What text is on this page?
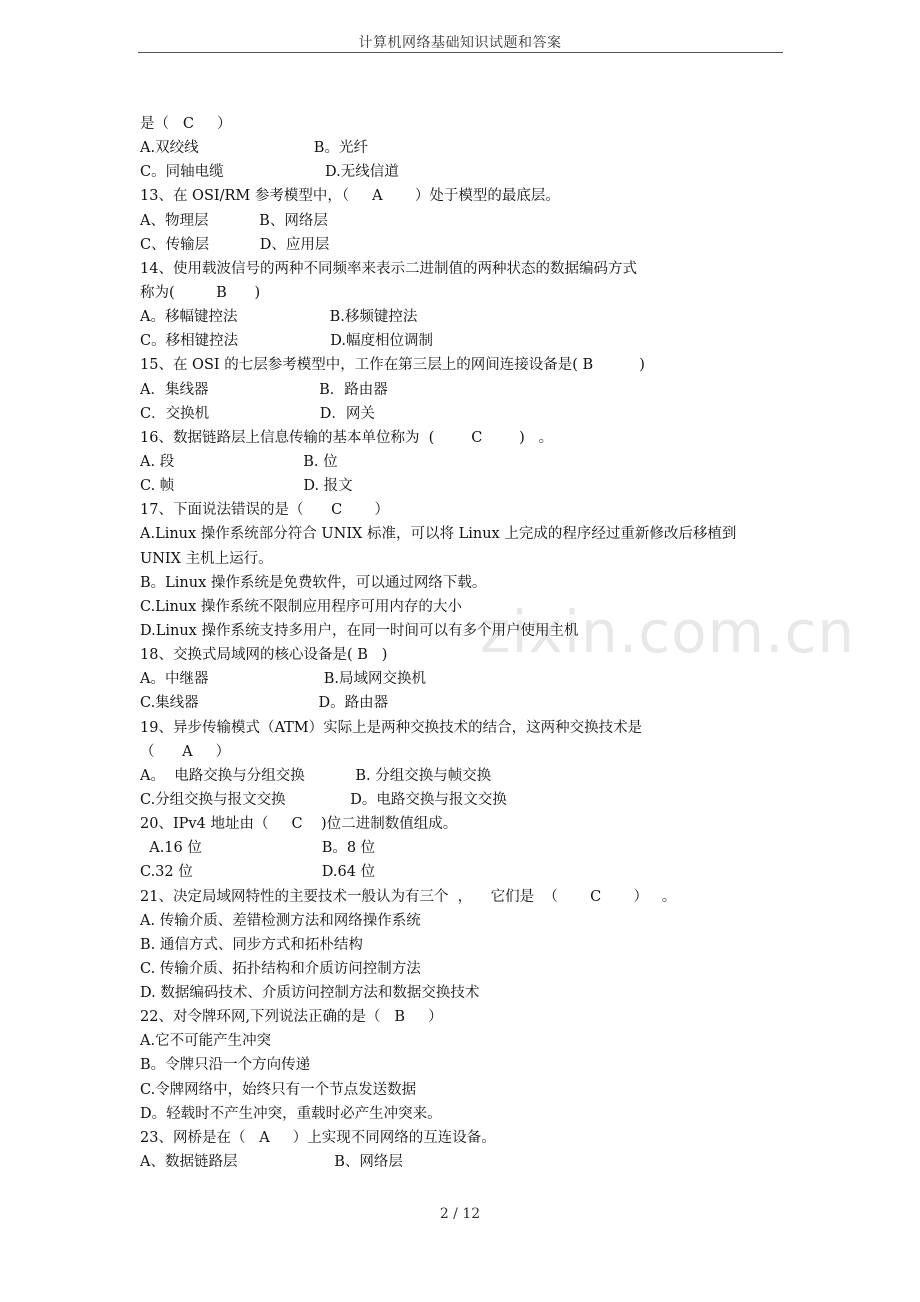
计算机网络基础知识试题和答案
zixin.com.cn
是（   C     ）
A.双绞线                         B。光纤
C。同轴电缆                      D.无线信道
13、在 OSI/RM 参考模型中，（     A       ）处于模型的最底层。
A、物理层           B、网络层
C、传输层           D、应用层
14、使用载波信号的两种不同频率来表示二进制值的两种状态的数据编码方式
称为(         B      )
A。移幅键控法                    B.移频键控法
C。移相键控法                    D.幅度相位调制
15、在 OSI 的七层参考模型中，工作在第三层上的网间连接设备是( B          )
A．集线器                        B．路由器
C．交换机                        D．网关
16、数据链路层上信息传输的基本单位称为  (        C        )   。
A. 段                            B. 位
C. 帧                            D. 报文
17、下面说法错误的是（      C       ）
A.Linux 操作系统部分符合 UNIX 标准，可以将 Linux 上完成的程序经过重新修改后移植到
UNIX 主机上运行。
B。Linux 操作系统是免费软件，可以通过网络下载。
C.Linux 操作系统不限制应用程序可用内存的大小
D.Linux 操作系统支持多用户，在同一时间可以有多个用户使用主机
18、交换式局域网的核心设备是( B   )
A。中继器                         B.局域网交换机
C.集线器                          D。路由器
19、异步传输模式（ATM）实际上是两种交换技术的结合，这两种交换技术是
（      A     ）
A。  电路交换与分组交换           B. 分组交换与帧交换
C.分组交换与报文交换              D。电路交换与报文交换
20、IPv4 地址由（     C    )位二进制数值组成。
A.16 位                          B。8 位
C.32 位                            D.64 位
21、决定局域网特性的主要技术一般认为有三个  ，    它们是  （       C       ）   。
A. 传输介质、差错检测方法和网络操作系统
B. 通信方式、同步方式和拓朴结构
C. 传输介质、拓扑结构和介质访问控制方法
D. 数据编码技术、介质访问控制方法和数据交换技术
22、对令牌环网,下列说法正确的是（   B     ）
A.它不可能产生冲突
B。令牌只沿一个方向传递
C.令牌网络中，始终只有一个节点发送数据
D。轻载时不产生冲突，重载时必产生冲突来。
23、网桥是在（   A     ）上实现不同网络的互连设备。
A、数据链路层                     B、网络层
2 / 12
